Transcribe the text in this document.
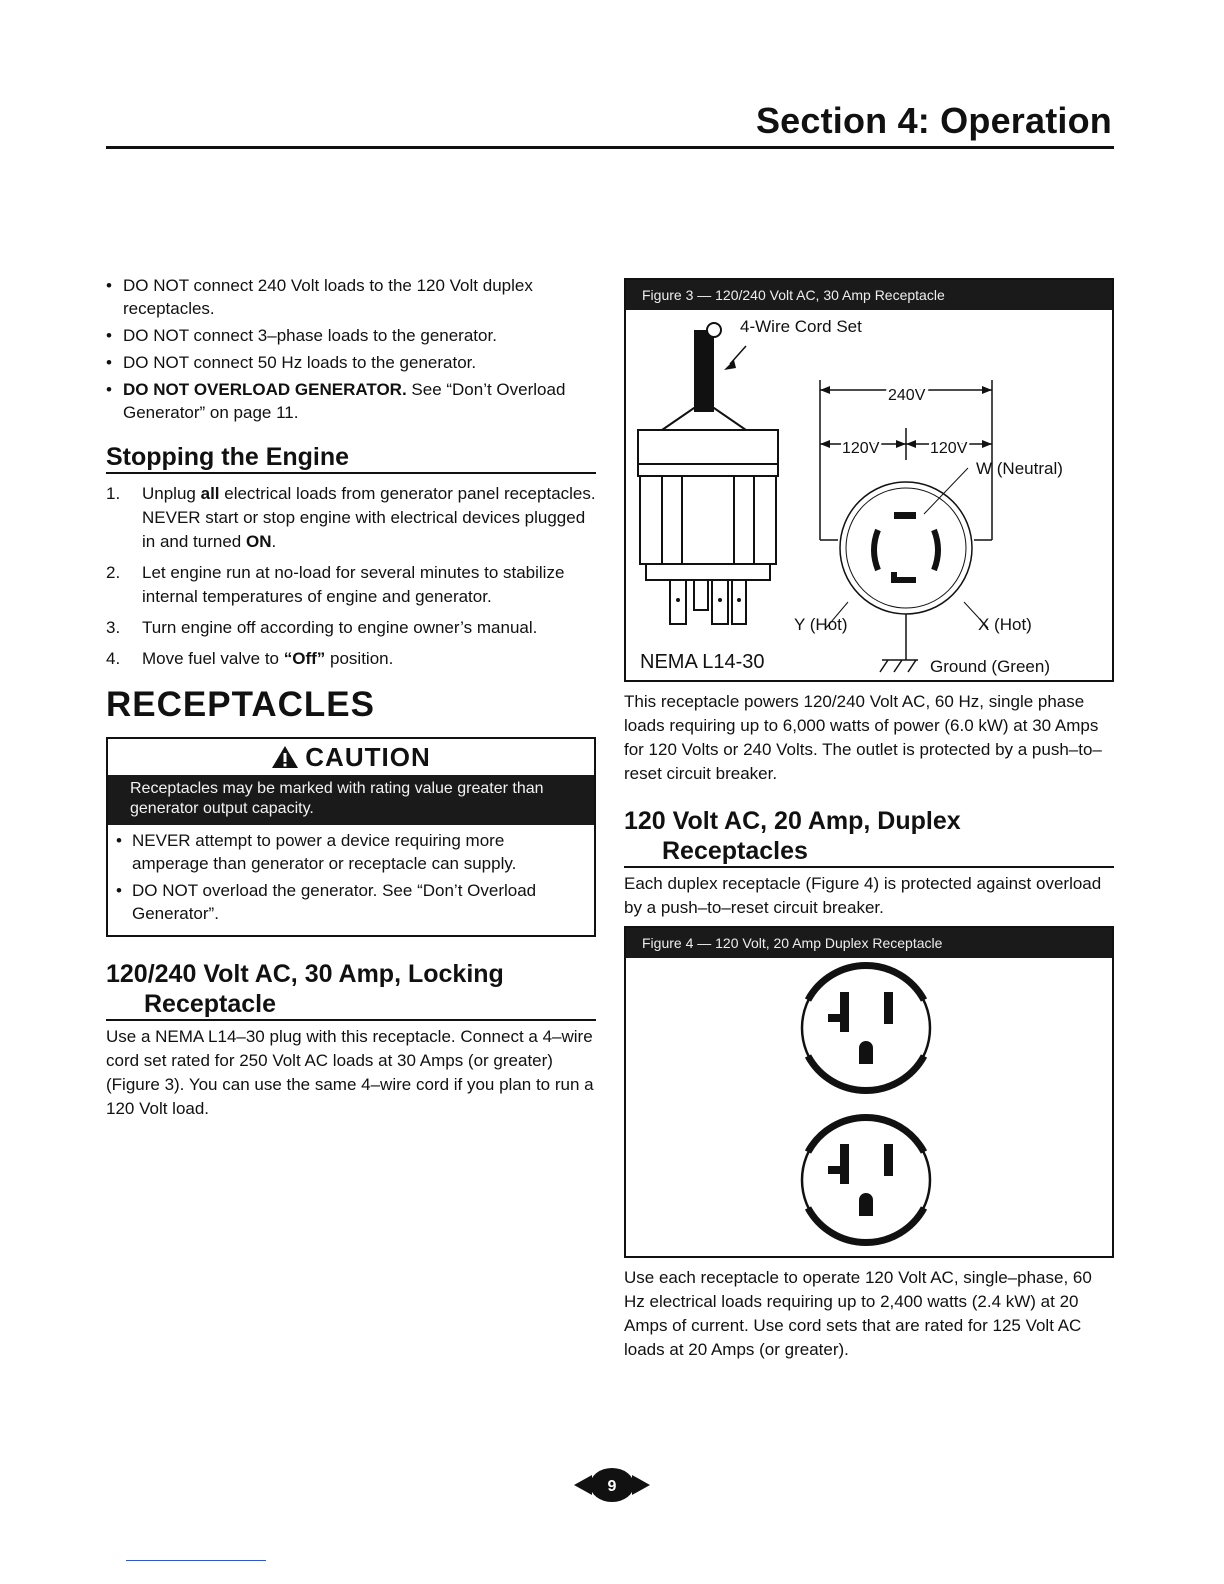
Section 4: Operation
• DO NOT connect 240 Volt loads to the 120 Volt duplex receptacles.
• DO NOT connect 3–phase loads to the generator.
• DO NOT connect 50 Hz loads to the generator.
• DO NOT OVERLOAD GENERATOR. See “Don’t Overload Generator” on page 11.
Stopping the Engine
1. Unplug all electrical loads from generator panel receptacles. NEVER start or stop engine with electrical devices plugged in and turned ON.
2. Let engine run at no-load for several minutes to stabilize internal temperatures of engine and generator.
3. Turn engine off according to engine owner’s manual.
4. Move fuel valve to “Off” position.
RECEPTACLES
CAUTION
Receptacles may be marked with rating value greater than generator output capacity.
• NEVER attempt to power a device requiring more amperage than generator or receptacle can supply.
• DO NOT overload the generator. See “Don’t Overload Generator”.
120/240 Volt AC, 30 Amp, Locking
Receptacle

Use a NEMA L14–30 plug with this receptacle. Connect a 4–wire cord set rated for 250 Volt AC loads at 30 Amps (or greater) (Figure 3). You can use the same 4–wire cord if you plan to run a 120 Volt load.

Figure 3 — 120/240 Volt AC, 30 Amp Receptacle
4-Wire Cord Set
240V
120V	120V
W (Neutral)
Y (Hot)	X (Hot)
NEMA L14-30	Ground (Green)

This receptacle powers 120/240 Volt AC, 60 Hz, single phase loads requiring up to 6,000 watts of power (6.0 kW) at 30 Amps for 120 Volts or 240 Volts. The outlet is protected by a push–to–reset circuit breaker.

120 Volt AC, 20 Amp, Duplex
Receptacles

Each duplex receptacle (Figure 4) is protected against overload by a push–to–reset circuit breaker.

Figure 4 — 120 Volt, 20 Amp Duplex Receptacle

Use each receptacle to operate 120 Volt AC, single–phase, 60 Hz electrical loads requiring up to 2,400 watts (2.4 kW) at 20 Amps of current. Use cord sets that are rated for 125 Volt AC loads at 20 Amps (or greater).

9
